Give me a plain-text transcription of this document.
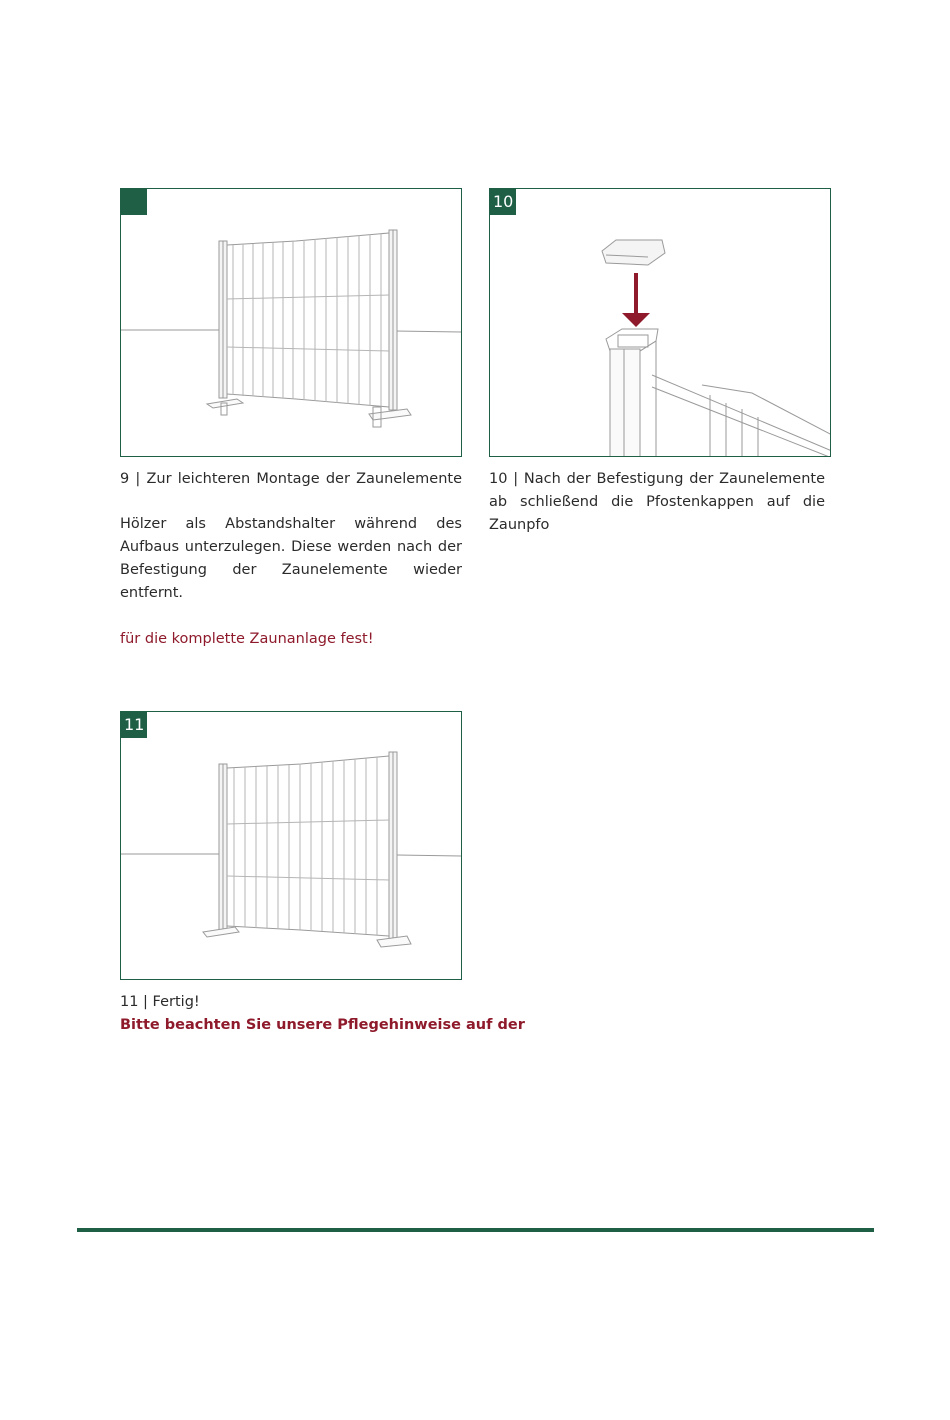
10
9 | Zur leichteren Montage der Zaunelemente
Hölzer als Abstandshalter während des Aufbaus unterzulegen. Diese werden nach der Befestigung der Zaunelemente wieder entfernt.
für die komplette Zaunanlage fest!
10 | Nach der Befestigung der Zaunelemente ab schließend die Pfostenkappen auf die Zaunpfo
11
11 | Fertig!
Bitte beachten Sie unsere Pflegehinweise auf der
